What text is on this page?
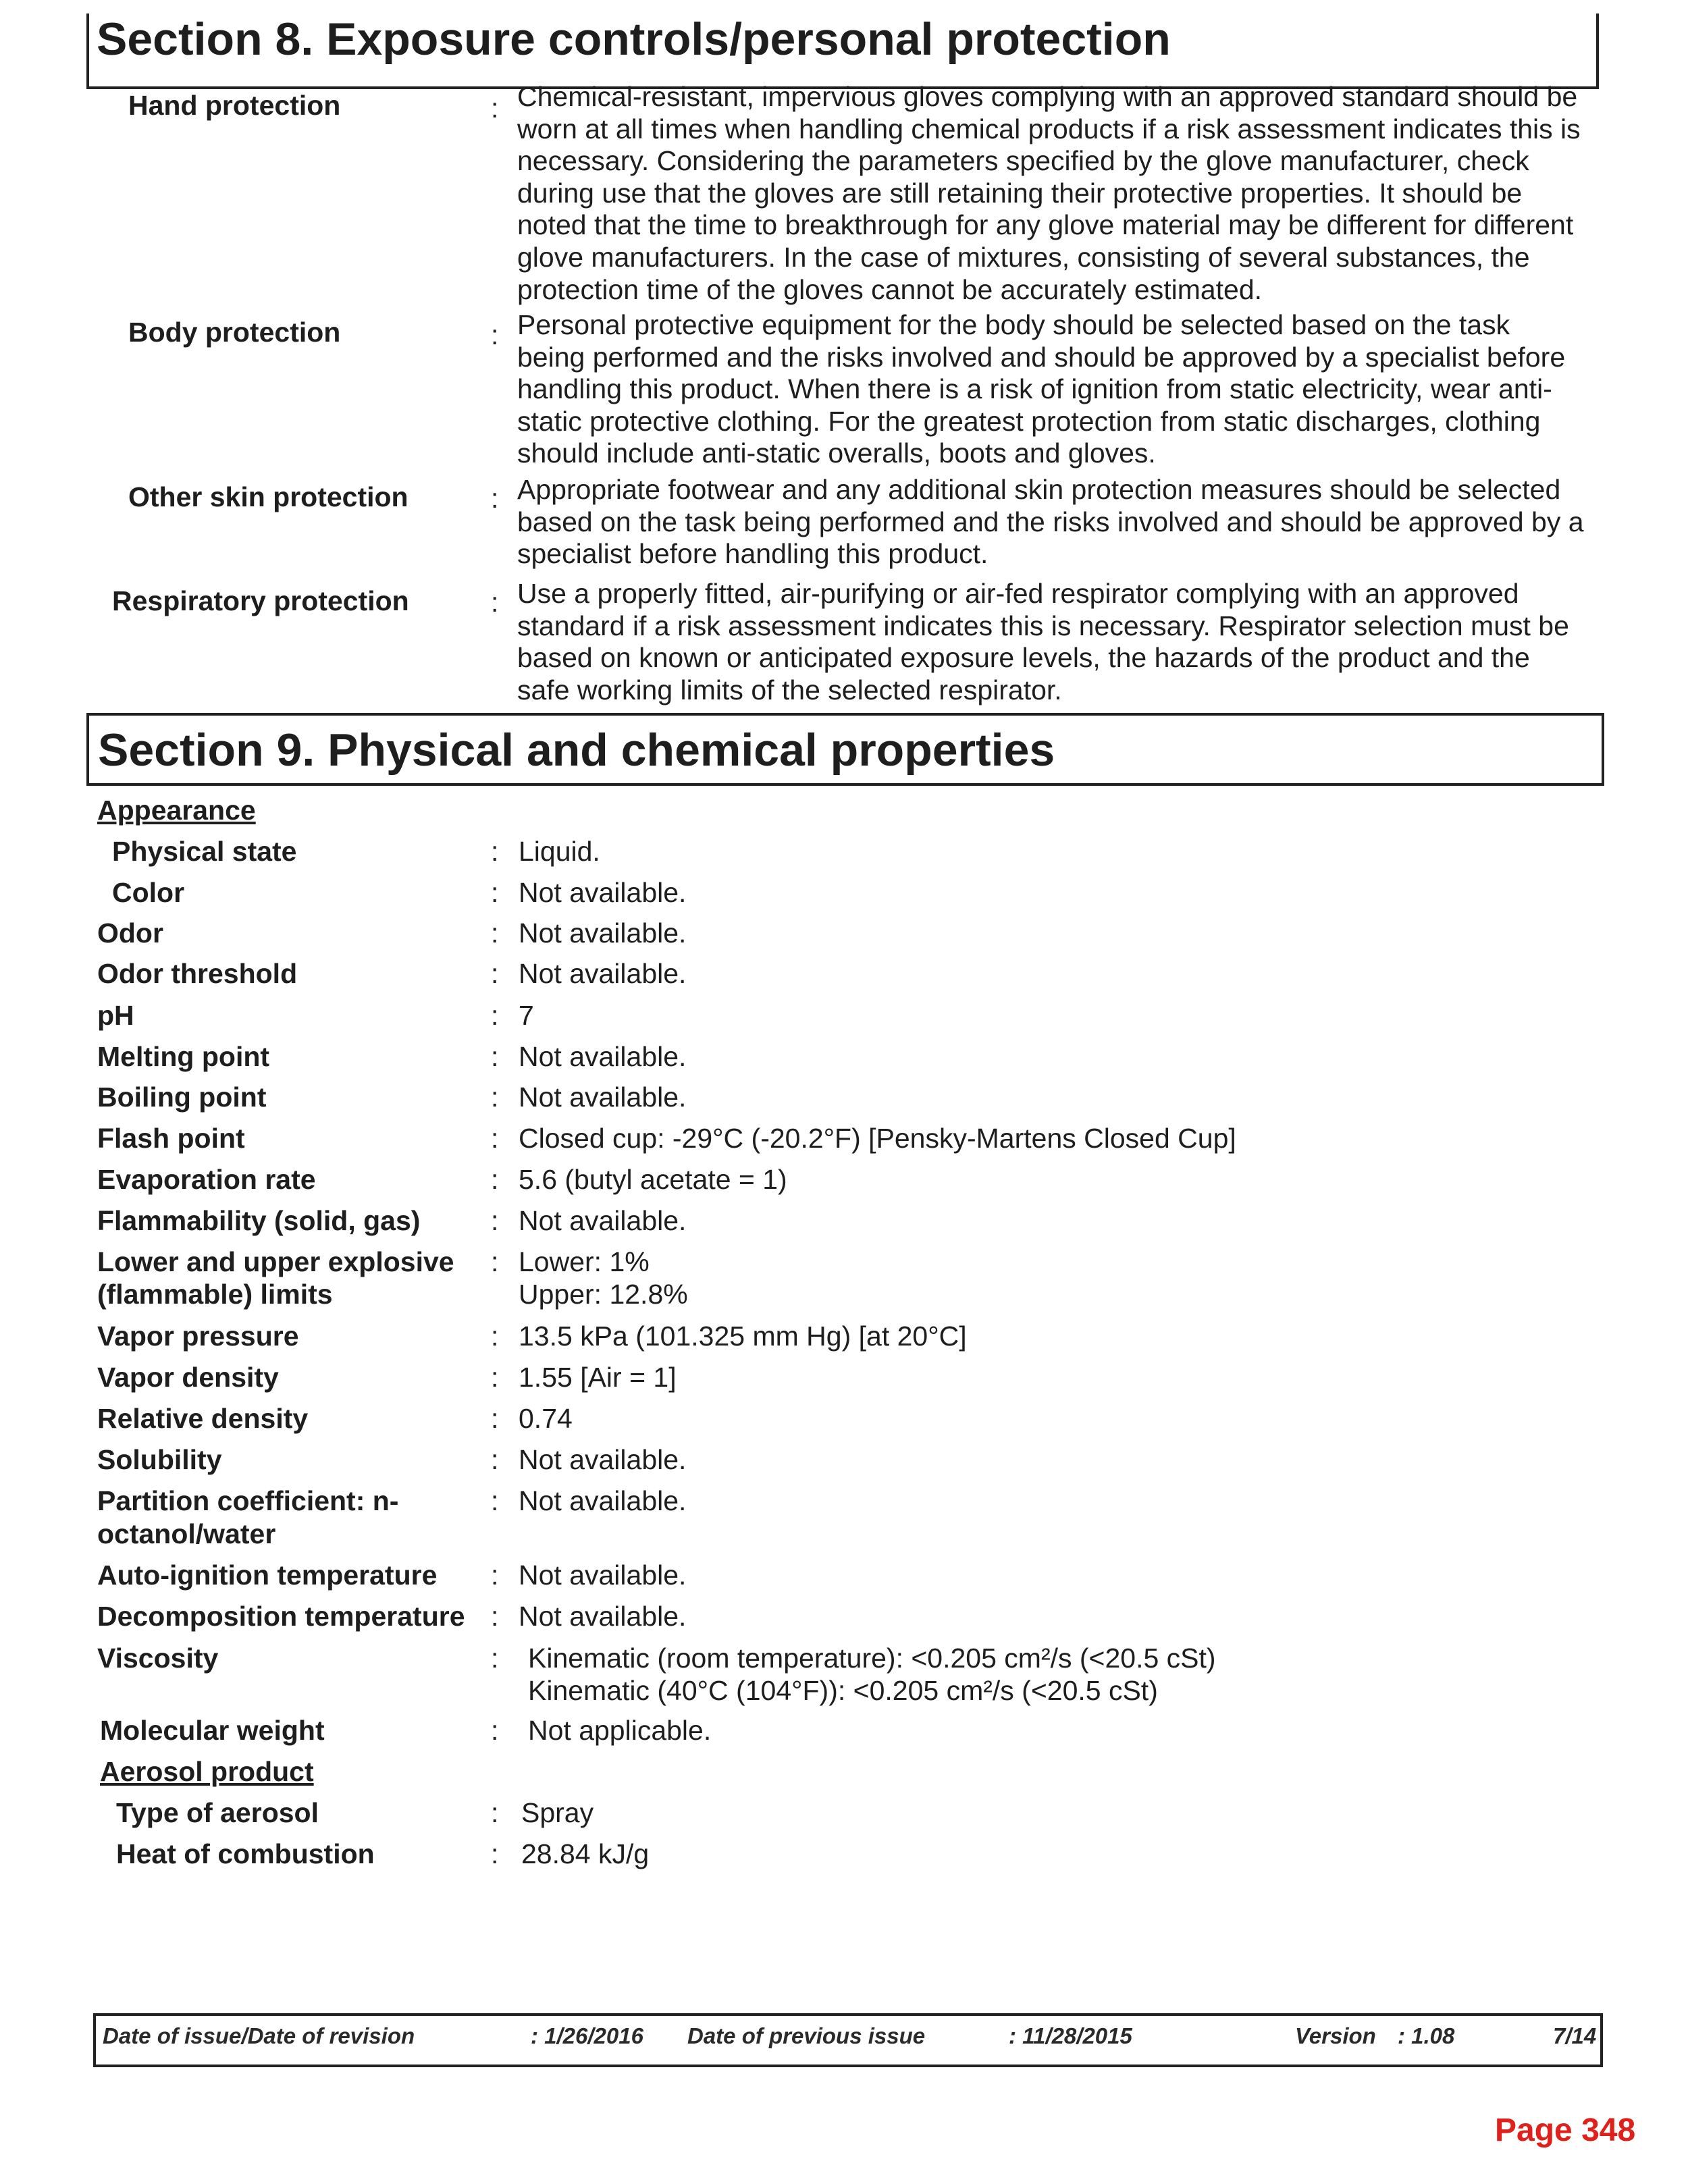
Section 8. Exposure controls/personal protection
Hand protection	: Chemical-resistant, impervious gloves complying with an approved standard should be worn at all times when handling chemical products if a risk assessment indicates this is necessary. Considering the parameters specified by the glove manufacturer, check during use that the gloves are still retaining their protective properties. It should be noted that the time to breakthrough for any glove material may be different for different glove manufacturers. In the case of mixtures, consisting of several substances, the protection time of the gloves cannot be accurately estimated.
Body protection	: Personal protective equipment for the body should be selected based on the task being performed and the risks involved and should be approved by a specialist before handling this product. When there is a risk of ignition from static electricity, wear anti-static protective clothing. For the greatest protection from static discharges, clothing should include anti-static overalls, boots and gloves.
Other skin protection	: Appropriate footwear and any additional skin protection measures should be selected based on the task being performed and the risks involved and should be approved by a specialist before handling this product.
Respiratory protection	: Use a properly fitted, air-purifying or air-fed respirator complying with an approved standard if a risk assessment indicates this is necessary. Respirator selection must be based on known or anticipated exposure levels, the hazards of the product and the safe working limits of the selected respirator.
Section 9. Physical and chemical properties
Appearance
Physical state	: Liquid.
Color	: Not available.
Odor	: Not available.
Odor threshold	: Not available.
pH	: 7
Melting point	: Not available.
Boiling point	: Not available.
Flash point	: Closed cup: -29°C (-20.2°F) [Pensky-Martens Closed Cup]
Evaporation rate	: 5.6 (butyl acetate = 1)
Flammability (solid, gas)	: Not available.
Lower and upper explosive
(flammable) limits
: Lower: 1%
Upper: 12.8%
Vapor pressure	: 13.5 kPa (101.325 mm Hg) [at 20°C]
Vapor density	: 1.55 [Air = 1]
Relative density	: 0.74
Solubility	: Not available.
Partition coefficient: n-
octanol/water
: Not available.
Auto-ignition temperature : Not available.
Decomposition temperature : Not available.
Viscosity	: Kinematic (room temperature): <0.205 cm²/s (<20.5 cSt)
Kinematic (40°C (104°F)): <0.205 cm²/s (<20.5 cSt)
Molecular weight	: Not applicable.
Aerosol product
Type of aerosol	: Spray
Heat of combustion	: 28.84 kJ/g
Date of issue/Date of revision	: 1/26/2016 Date of previous issue	: 11/28/2015	Version : 1.08	7/14
Page 348
